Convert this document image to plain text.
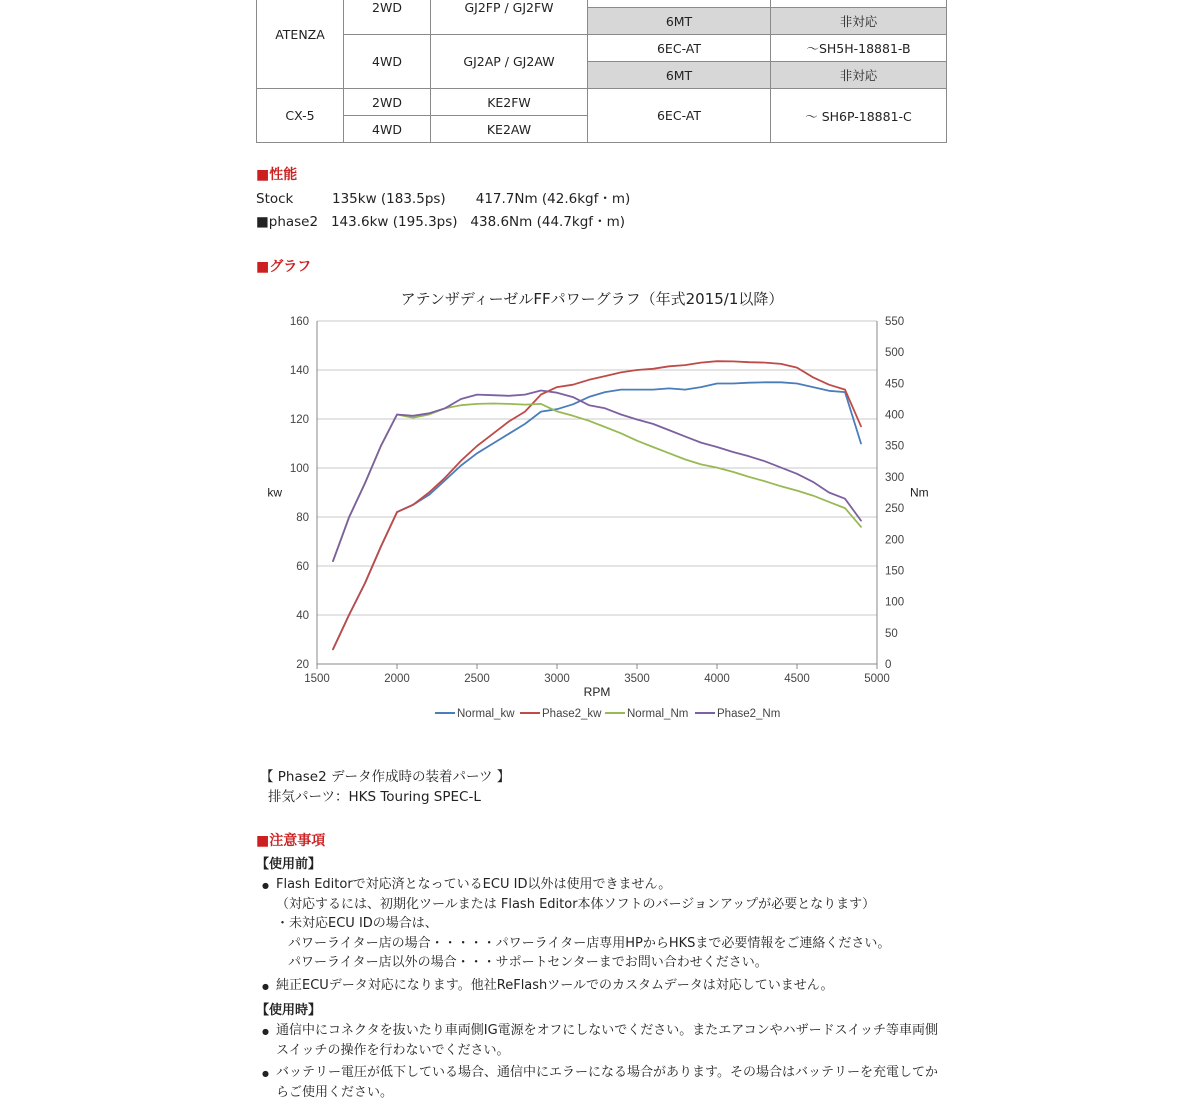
ATENZA	2WD	GJ2FP / GJ2FW		
			6MT	非対応
	4WD	GJ2AP / GJ2AW	6EC-AT	〜SH5H-18881-B
			6MT	非対応
CX-5	2WD	KE2FW	6EC-AT	～ SH6P-18881-C
	4WD	KE2AW		
■性能
Stock         135kw (183.5ps)       417.7Nm (42.6kgf・m)
■phase2   143.6kw (195.3ps)   438.6Nm (44.7kgf・m)
■グラフ
アテンザディーゼルFFパワーグラフ（年式2015/1以降）
20
40
60
80
100
120
140
160
0
50
100
150
200
250
300
350
400
450
500
550
1500	2000	2500	3000	3500	4000	4500	5000
RPM
kw	Nm
Normal_kw Phase2_kw Normal_Nm Phase2_Nm
【 Phase2 データ作成時の装着パーツ 】
排気パーツ：HKS Touring SPEC-L
■注意事項
【使用前】
● Flash Editorで対応済となっているECU ID以外は使用できません。
（対応するには、初期化ツールまたは Flash Editor本体ソフトのバージョンアップが必要となります）
・未対応ECU IDの場合は、
パワーライター店の場合・・・・・パワーライター店専用HPからHKSまで必要情報をご連絡ください。
パワーライター店以外の場合・・・サポートセンターまでお問い合わせください。
● 純正ECUデータ対応になります。他社ReFlashツールでのカスタムデータは対応していません。
【使用時】
● 通信中にコネクタを抜いたり車両側IG電源をオフにしないでください。またエアコンやハザードスイッチ等車両側スイッチの操作を行わないでください。
● バッテリー電圧が低下している場合、通信中にエラーになる場合があります。その場合はバッテリーを充電してからご使用ください。
